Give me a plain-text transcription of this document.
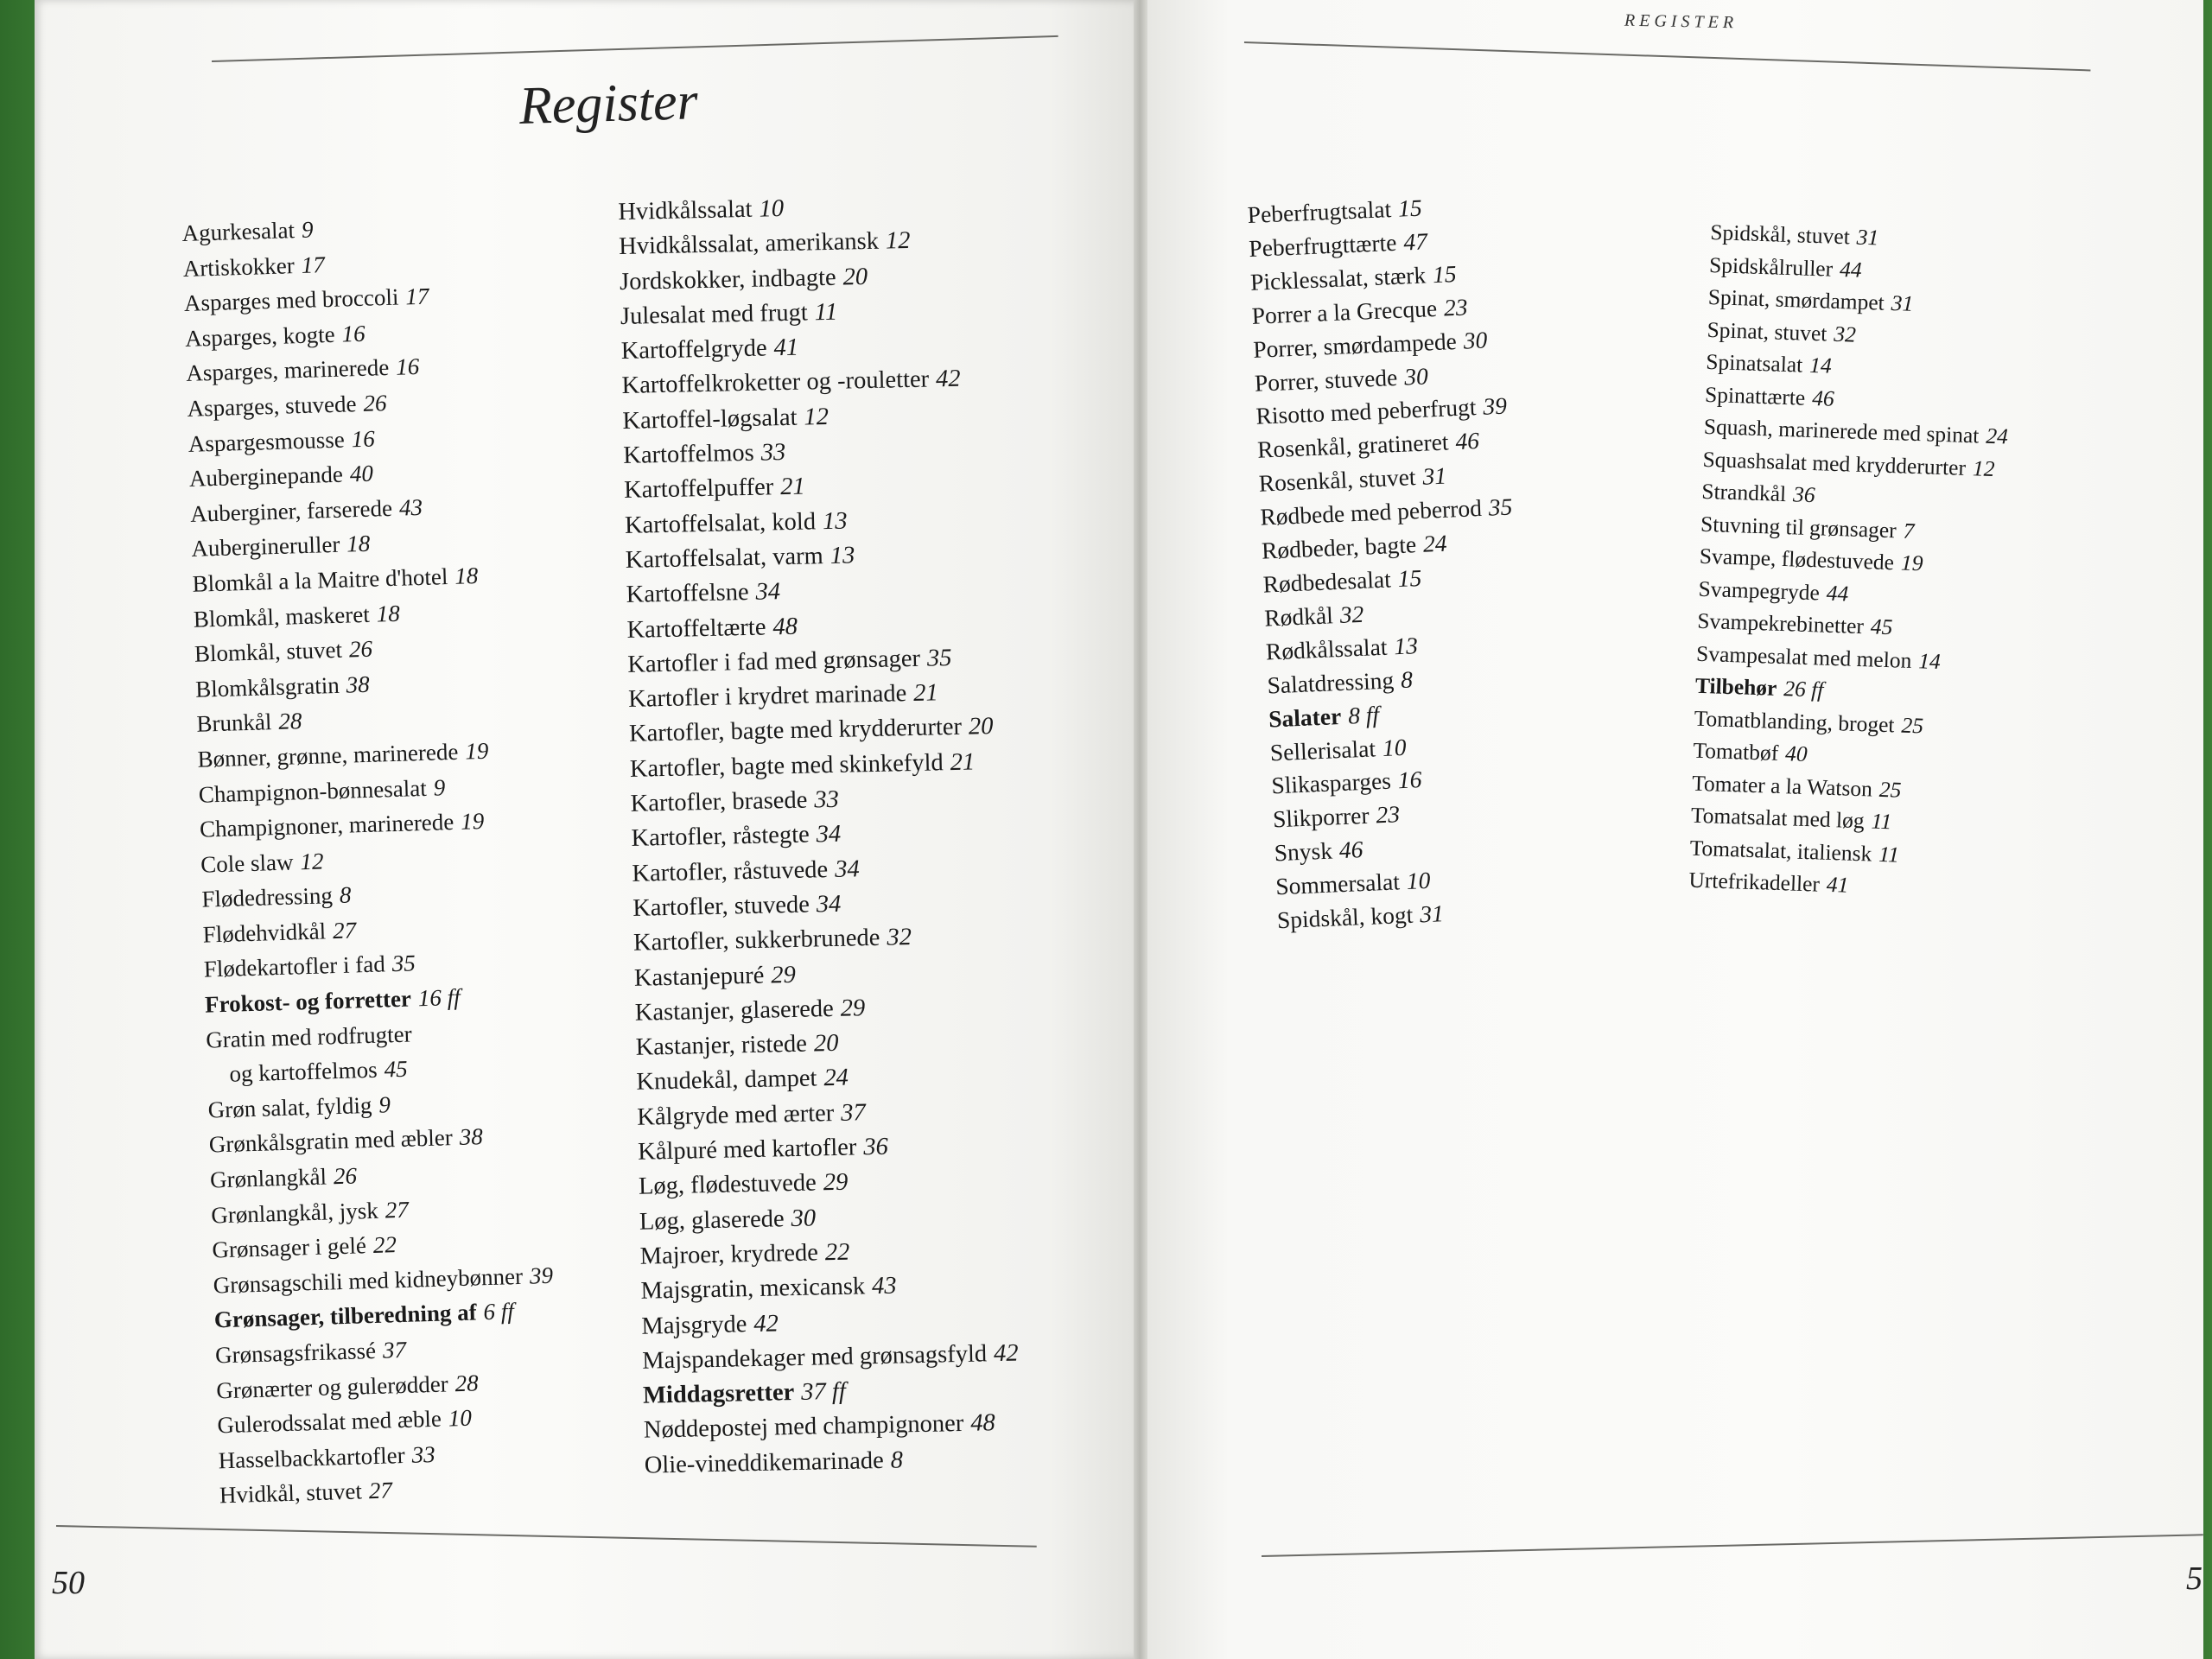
REGISTER
Register
Agurkesalat 9
Artiskokker 17
Asparges med broccoli 17
Asparges, kogte 16
Asparges, marinerede 16
Asparges, stuvede 26
Aspargesmousse 16
Auberginepande 40
Auberginer, farserede 43
Aubergineruller 18
Blomkål a la Maitre d'hotel 18
Blomkål, maskeret 18
Blomkål, stuvet 26
Blomkålsgratin 38
Brunkål 28
Bønner, grønne, marinerede 19
Champignon-bønnesalat 9
Champignoner, marinerede 19
Cole slaw 12
Flødedressing 8
Flødehvidkål 27
Flødekartofler i fad 35
Frokost- og forretter 16 ff
Gratin med rodfrugter
og kartoffelmos 45
Grøn salat, fyldig 9
Grønkålsgratin med æbler 38
Grønlangkål 26
Grønlangkål, jysk 27
Grønsager i gelé 22
Grønsagschili med kidneybønner 39
Grønsager, tilberedning af 6 ff
Grønsagsfrikassé 37
Grønærter og gulerødder 28
Gulerodssalat med æble 10
Hasselbackkartofler 33
Hvidkål, stuvet 27
Hvidkålssalat 10
Hvidkålssalat, amerikansk 12
Jordskokker, indbagte 20
Julesalat med frugt 11
Kartoffelgryde 41
Kartoffelkroketter og -rouletter 42
Kartoffel-løgsalat 12
Kartoffelmos 33
Kartoffelpuffer 21
Kartoffelsalat, kold 13
Kartoffelsalat, varm 13
Kartoffelsne 34
Kartoffeltærte 48
Kartofler i fad med grønsager 35
Kartofler i krydret marinade 21
Kartofler, bagte med krydderurter 20
Kartofler, bagte med skinkefyld 21
Kartofler, brasede 33
Kartofler, råstegte 34
Kartofler, råstuvede 34
Kartofler, stuvede 34
Kartofler, sukkerbrunede 32
Kastanjepuré 29
Kastanjer, glaserede 29
Kastanjer, ristede 20
Knudekål, dampet 24
Kålgryde med ærter 37
Kålpuré med kartofler 36
Løg, flødestuvede 29
Løg, glaserede 30
Majroer, krydrede 22
Majsgratin, mexicansk 43
Majsgryde 42
Majspandekager med grønsagsfyld 42
Middagsretter 37 ff
Nøddepostej med champignoner 48
Olie-vineddikemarinade 8
Peberfrugtsalat 15
Peberfrugttærte 47
Picklessalat, stærk 15
Porrer a la Grecque 23
Porrer, smørdampede 30
Porrer, stuvede 30
Risotto med peberfrugt 39
Rosenkål, gratineret 46
Rosenkål, stuvet 31
Rødbede med peberrod 35
Rødbeder, bagte 24
Rødbedesalat 15
Rødkål 32
Rødkålssalat 13
Salatdressing 8
Salater 8 ff
Sellerisalat 10
Slikasparges 16
Slikporrer 23
Snysk 46
Sommersalat 10
Spidskål, kogt 31
Spidskål, stuvet 31
Spidskålruller 44
Spinat, smørdampet 31
Spinat, stuvet 32
Spinatsalat 14
Spinattærte 46
Squash, marinerede med spinat 24
Squashsalat med krydderurter 12
Strandkål 36
Stuvning til grønsager 7
Svampe, flødestuvede 19
Svampegryde 44
Svampekrebinetter 45
Svampesalat med melon 14
Tilbehør 26 ff
Tomatblanding, broget 25
Tomatbøf 40
Tomater a la Watson 25
Tomatsalat med løg 11
Tomatsalat, italiensk 11
Urtefrikadeller 41
50	5
